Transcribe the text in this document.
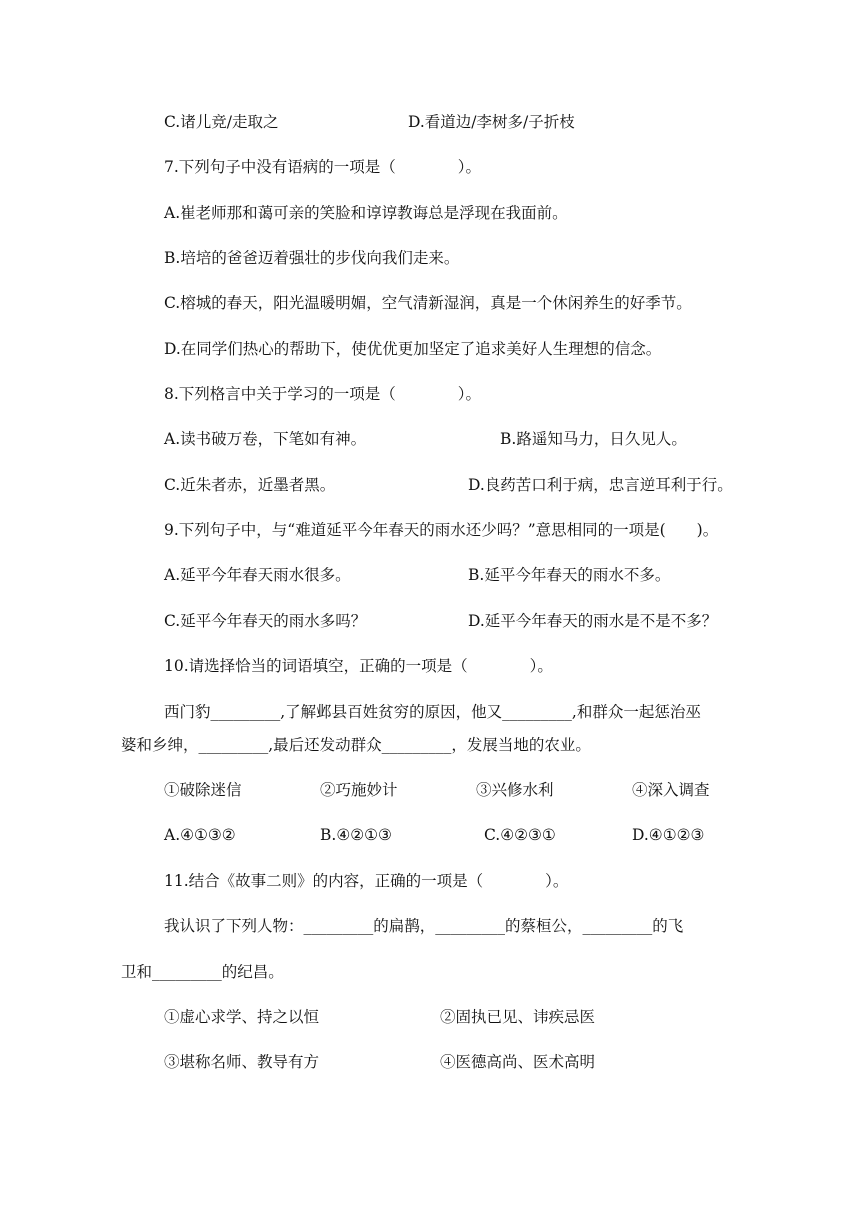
C.诸儿竞/走取之	D.看道边/李树多/子折枝
7.下列句子中没有语病的一项是（　　　　）。
A.崔老师那和蔼可亲的笑脸和谆谆教诲总是浮现在我面前。
B.培培的爸爸迈着强壮的步伐向我们走来。
C.榕城的春天，阳光温暖明媚，空气清新湿润，真是一个休闲养生的好季节。
D.在同学们热心的帮助下，使优优更加坚定了追求美好人生理想的信念。
8.下列格言中关于学习的一项是（　　　　）。
A.读书破万卷，下笔如有神。	B.路遥知马力，日久见人。
C.近朱者赤，近墨者黑。	D.良药苦口利于病，忠言逆耳利于行。
9.下列句子中，与“难道延平今年春天的雨水还少吗？”意思相同的一项是(　　)。
A.延平今年春天雨水很多。	B.延平今年春天的雨水不多。
C.延平今年春天的雨水多吗？	D.延平今年春天的雨水是不是不多？
10.请选择恰当的词语填空，正确的一项是（　　　　）。
西门豹_________,了解邺县百姓贫穷的原因，他又_________,和群众一起惩治巫
婆和乡绅，_________,最后还发动群众_________，发展当地的农业。
①破除迷信	②巧施妙计	③兴修水利	④深入调查
A.④①③②	B.④②①③	C.④②③①	D.④①②③
11.结合《故事二则》的内容，正确的一项是（　　　　）。
我认识了下列人物：_________的扁鹊，_________的蔡桓公，_________的飞
卫和_________的纪昌。
①虚心求学、持之以恒	②固执已见、讳疾忌医
③堪称名师、教导有方	④医德高尚、医术高明
